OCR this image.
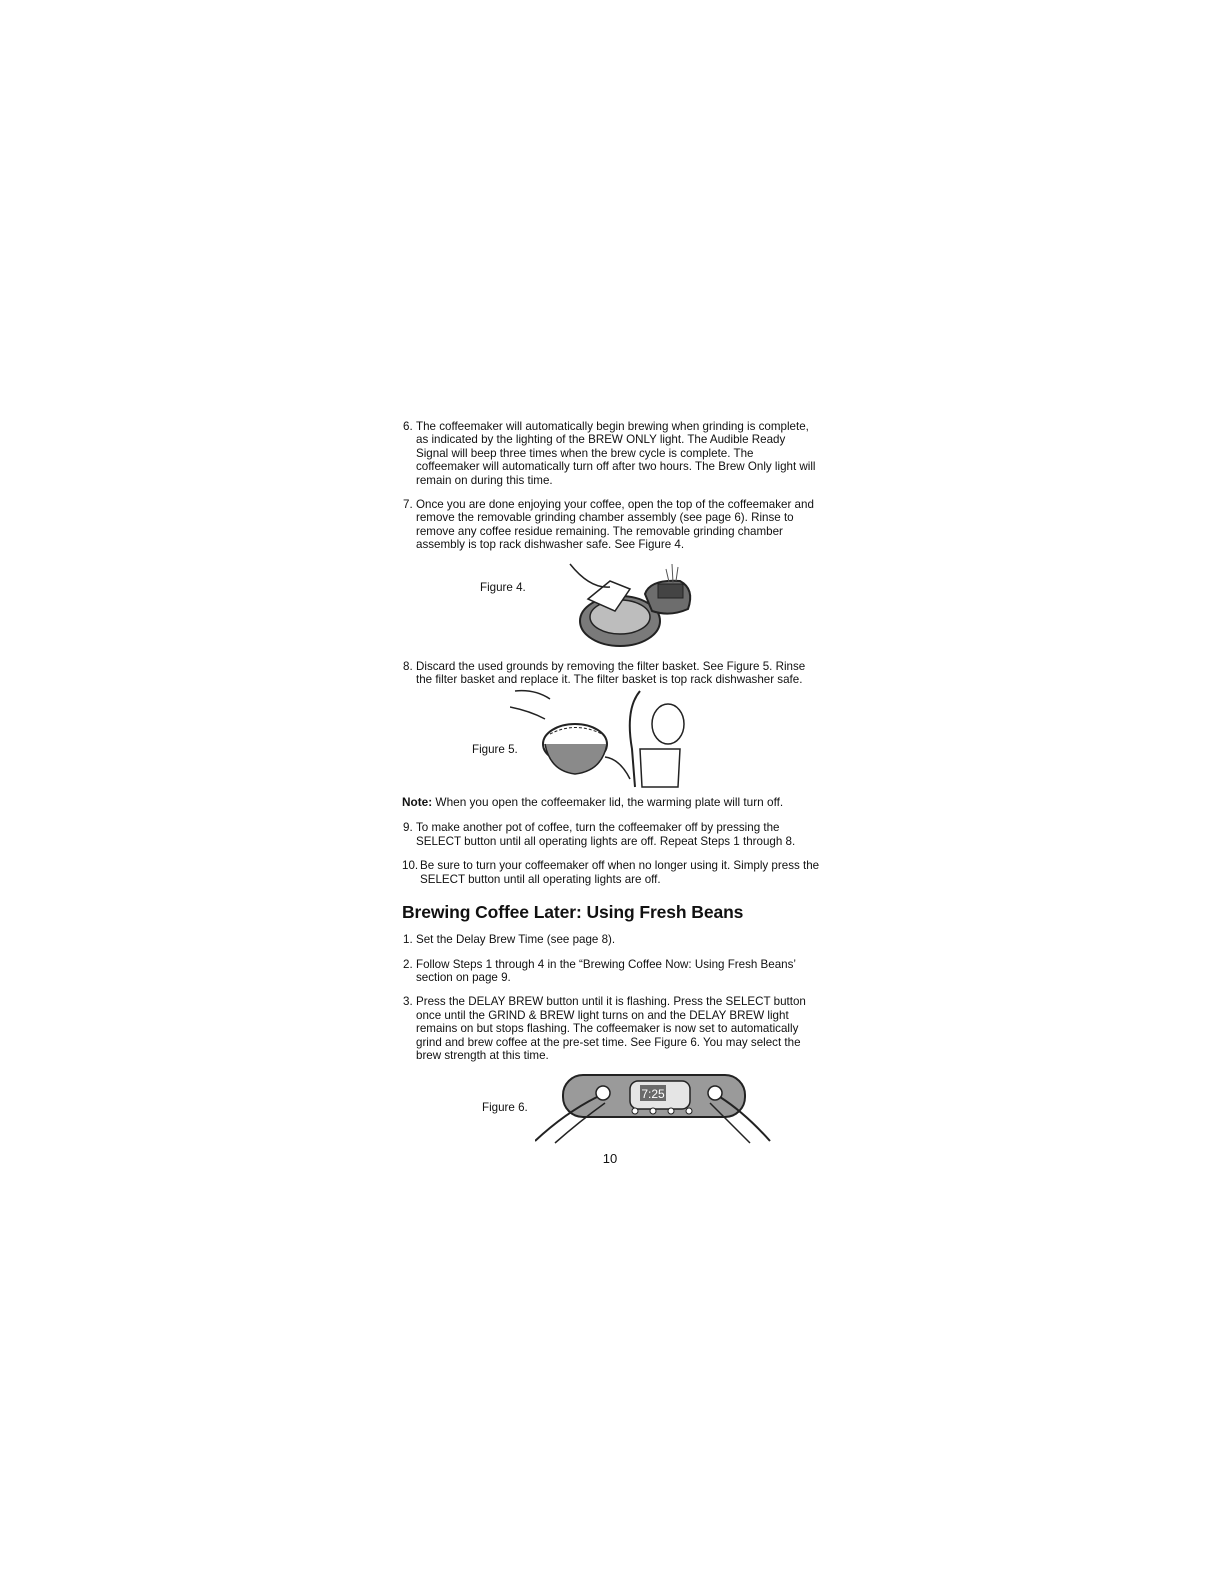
6. The coffeemaker will automatically begin brewing when grinding is complete, as indicated by the lighting of the BREW ONLY light. The Audible Ready Signal will beep three times when the brew cycle is complete. The coffeemaker will automatically turn off after two hours. The Brew Only light will remain on during this time.
7. Once you are done enjoying your coffee, open the top of the coffeemaker and remove the removable grinding chamber assembly (see page 6). Rinse to remove any coffee residue remaining. The removable grinding chamber assembly is top rack dishwasher safe. See Figure 4.
Figure 4.
8. Discard the used grounds by removing the filter basket. See Figure 5. Rinse the filter basket and replace it. The filter basket is top rack dishwasher safe.
Figure 5.
Note: When you open the coffeemaker lid, the warming plate will turn off.
9. To make another pot of coffee, turn the coffeemaker off by pressing the SELECT button until all operating lights are off. Repeat Steps 1 through 8.
10. Be sure to turn your coffeemaker off when no longer using it. Simply press the SELECT button until all operating lights are off.
Brewing Coffee Later: Using Fresh Beans
1. Set the Delay Brew Time (see page 8).
2. Follow Steps 1 through 4 in the “Brewing Coffee Now: Using Fresh Beans’ section on page 9.
3. Press the DELAY BREW button until it is flashing. Press the SELECT button once until the GRIND & BREW light turns on and the DELAY BREW light remains on but stops flashing. The coffeemaker is now set to automatically grind and brew coffee at the pre-set time. See Figure 6. You may select the brew strength at this time.
Figure 6.
7:25
10
